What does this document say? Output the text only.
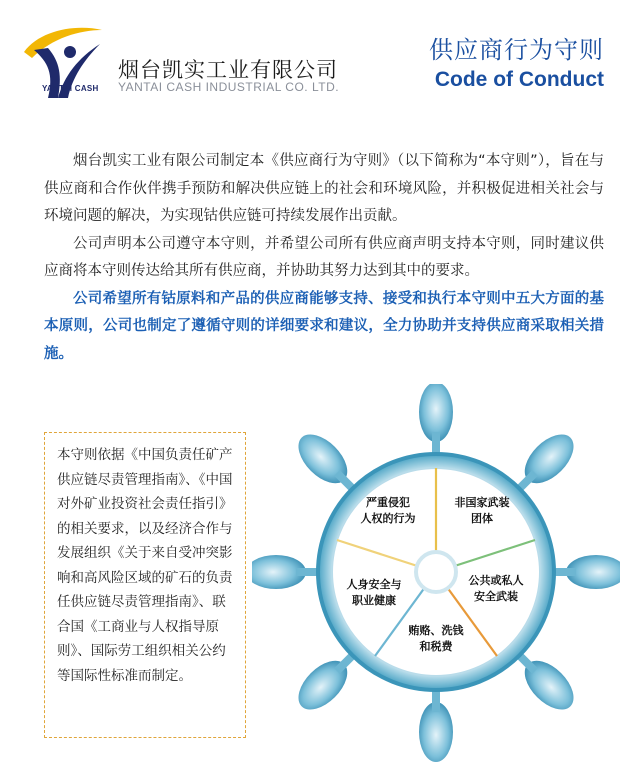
YANTAI CASH
烟台凯实工业有限公司
YANTAI CASH INDUSTRIAL CO. LTD.
供应商行为守则
Code of Conduct

烟台凯实工业有限公司制定本《供应商行为守则》（以下简称为“本守则”），旨在与供应商和合作伙伴携手预防和解决供应链上的社会和环境风险，并积极促进相关社会与环境问题的解决，为实现钴供应链可持续发展作出贡献。

公司声明本公司遵守本守则，并希望公司所有供应商声明支持本守则，同时建议供应商将本守则传达给其所有供应商，并协助其努力达到其中的要求。

公司希望所有钴原料和产品的供应商能够支持、接受和执行本守则中五大方面的基本原则，公司也制定了遵循守则的详细要求和建议，全力协助并支持供应商采取相关措施。

本守则依据《中国负责任矿产供应链尽责管理指南》、《中国对外矿业投资社会责任指引》的相关要求，以及经济合作与发展组织《关于来自受冲突影响和高风险区域的矿石的负责任供应链尽责管理指南》、联合国《工商业与人权指导原则》、国际劳工组织相关公约等国际性标准而制定。
严重侵犯
人权的行为
非国家武装
团体
公共或私人
安全武装
贿赂、洗钱
和税费
人身安全与
职业健康
